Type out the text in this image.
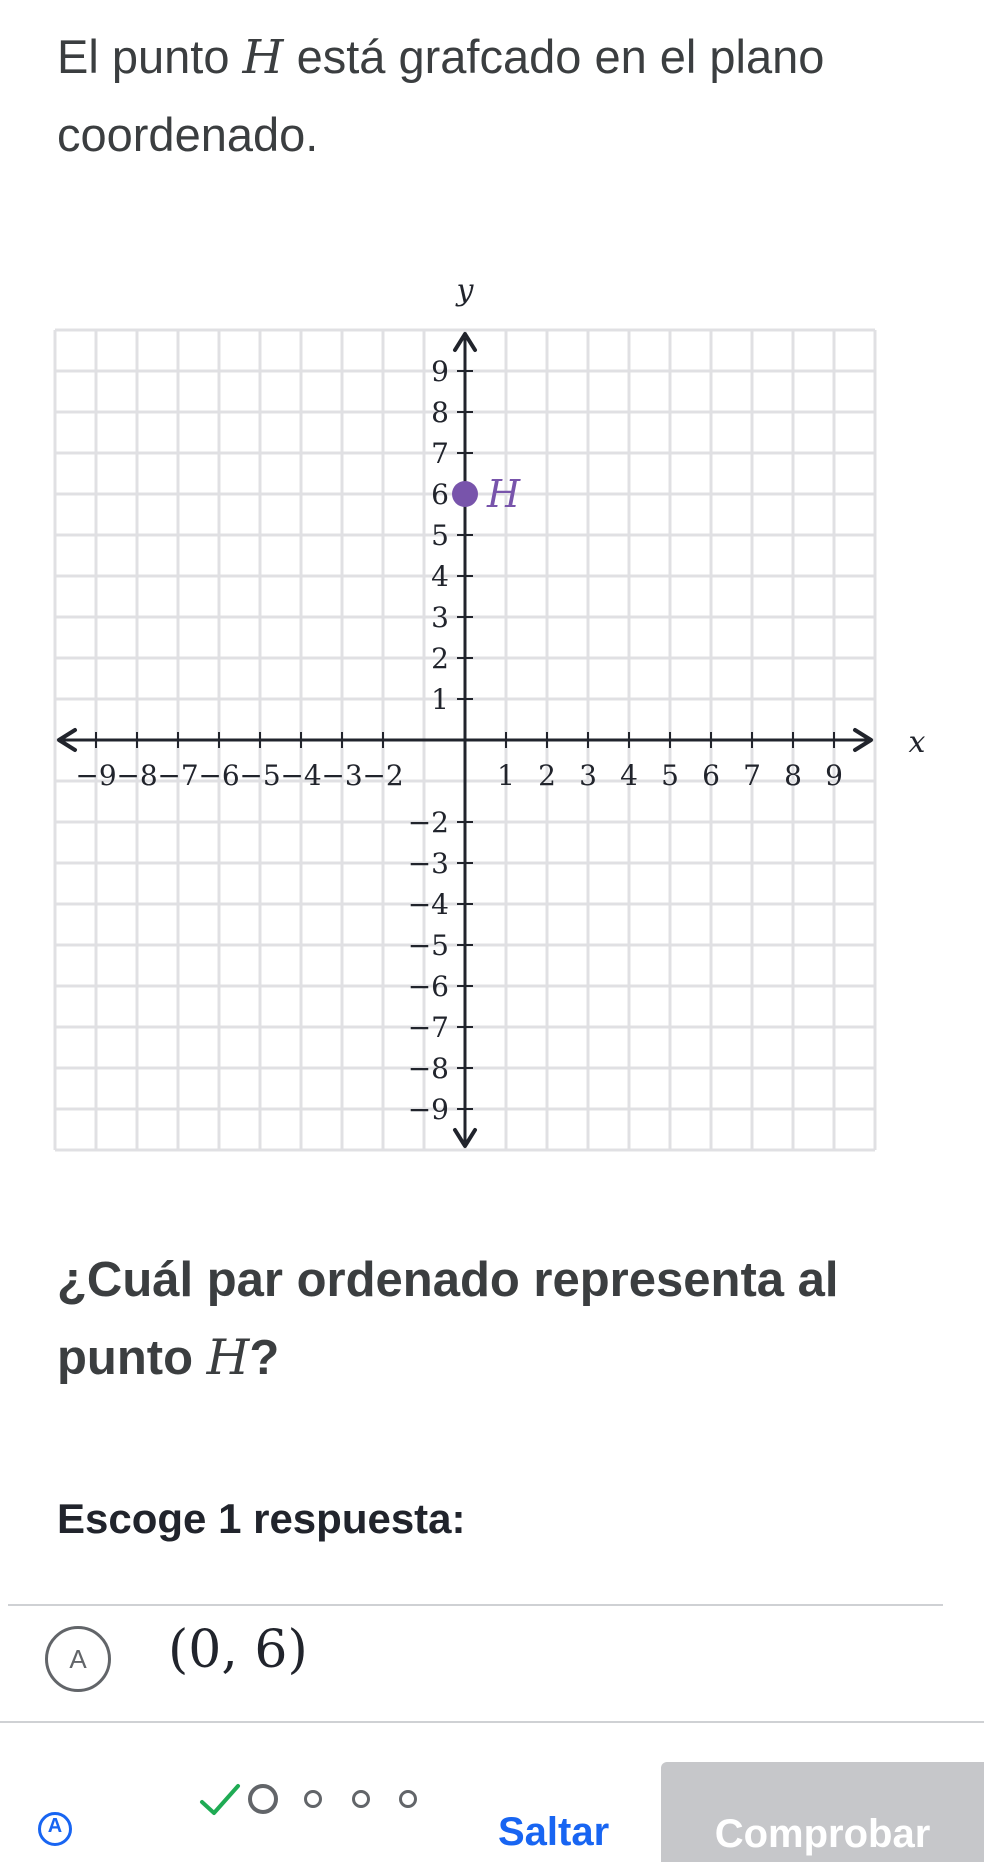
El punto H está grafcado en el plano coordenado.
x
y
−9 −8 −7 −6 −5 −4 −3 −2	1 2 3 4 5 6 7 8 9
−9
−8
−7
−6
−5
−4
−3
−2
1
2
3
4
5
6
7
8
9
H
¿Cuál par ordenado representa al punto H?
Escoge 1 respuesta:
A	(0, 6)
A	Saltar	Comprobar
